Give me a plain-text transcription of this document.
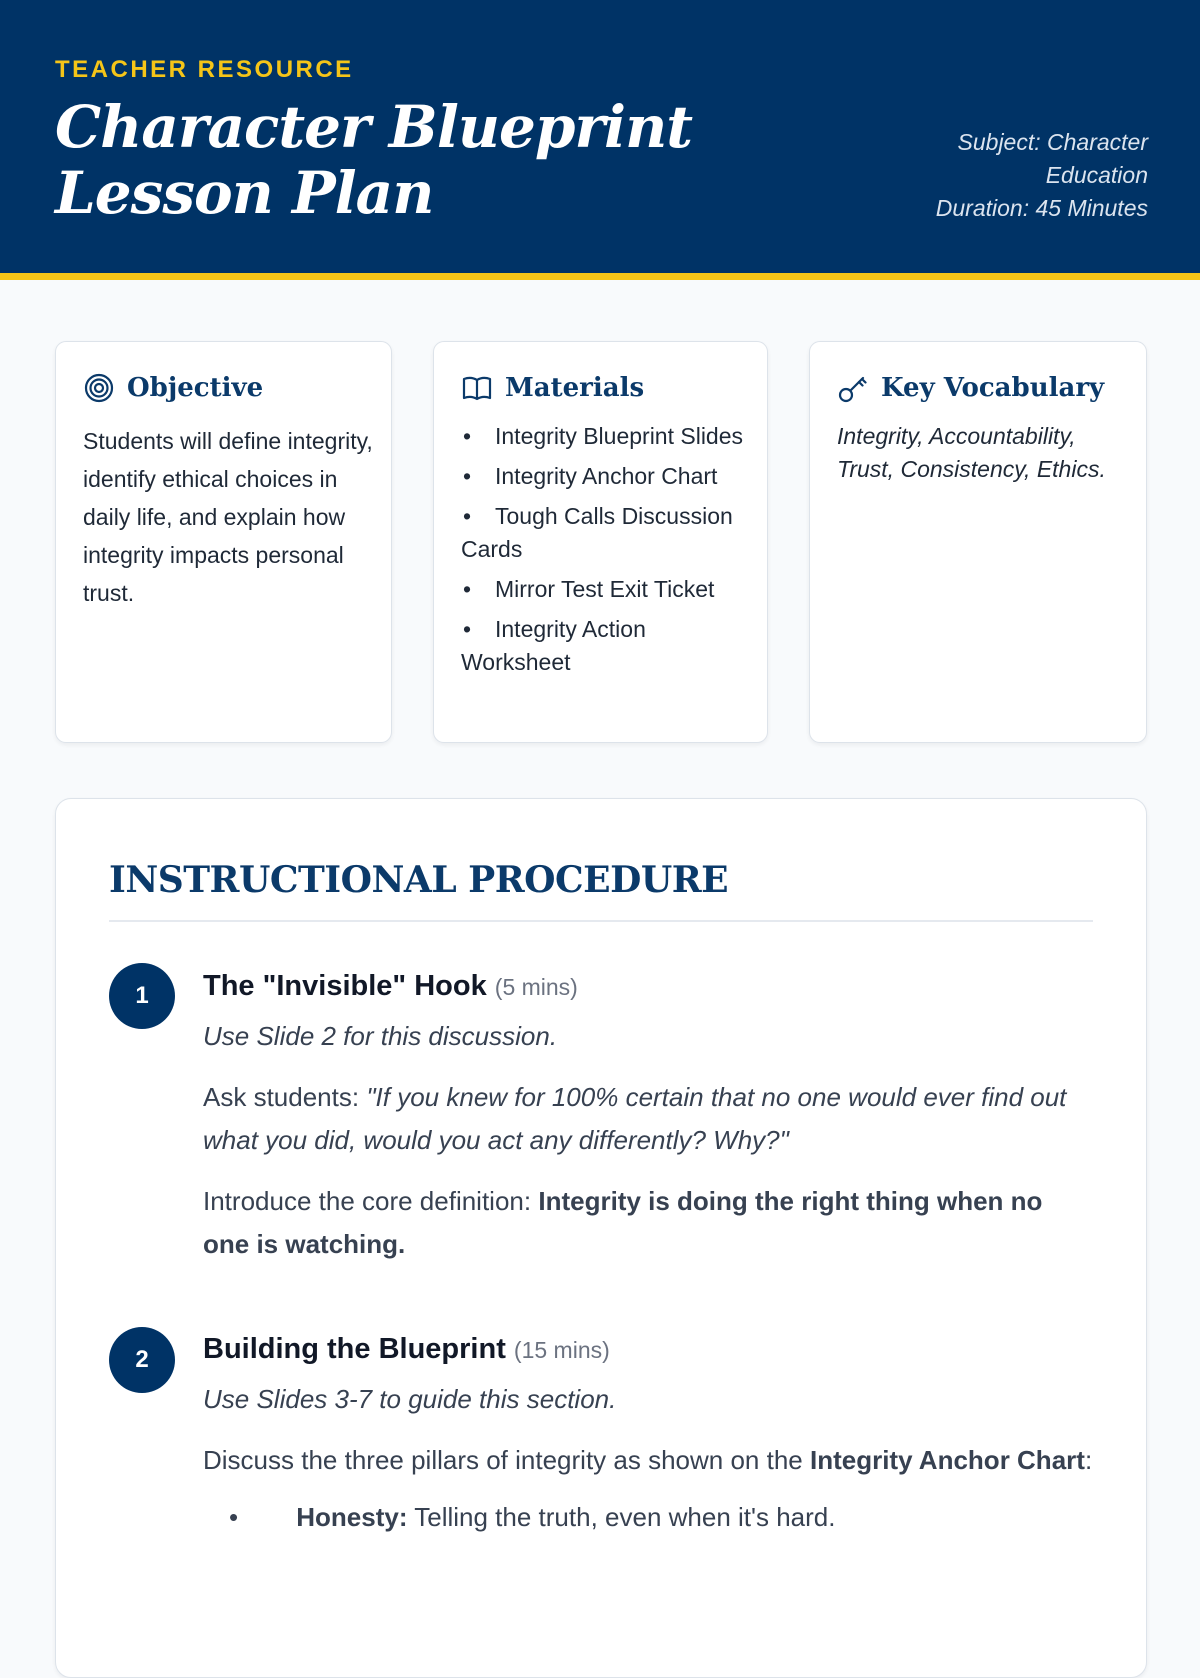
TEACHER RESOURCE
Character Blueprint Lesson Plan
Subject: Character Education
Duration: 45 Minutes
Objective
Students will define integrity, identify ethical choices in daily life, and explain how integrity impacts personal trust.
Materials
• Integrity Blueprint Slides
• Integrity Anchor Chart
• Tough Calls Discussion Cards
• Mirror Test Exit Ticket
• Integrity Action Worksheet
Key Vocabulary
Integrity, Accountability, Trust, Consistency, Ethics.
INSTRUCTIONAL PROCEDURE
1	The "Invisible" Hook (5 mins)
Use Slide 2 for this discussion.
Ask students: "If you knew for 100% certain that no one would ever find out what you did, would you act any differently? Why?"
Introduce the core definition: Integrity is doing the right thing when no one is watching.
2	Building the Blueprint (15 mins)
Use Slides 3-7 to guide this section.
Discuss the three pillars of integrity as shown on the Integrity Anchor Chart:
• Honesty: Telling the truth, even when it's hard.
